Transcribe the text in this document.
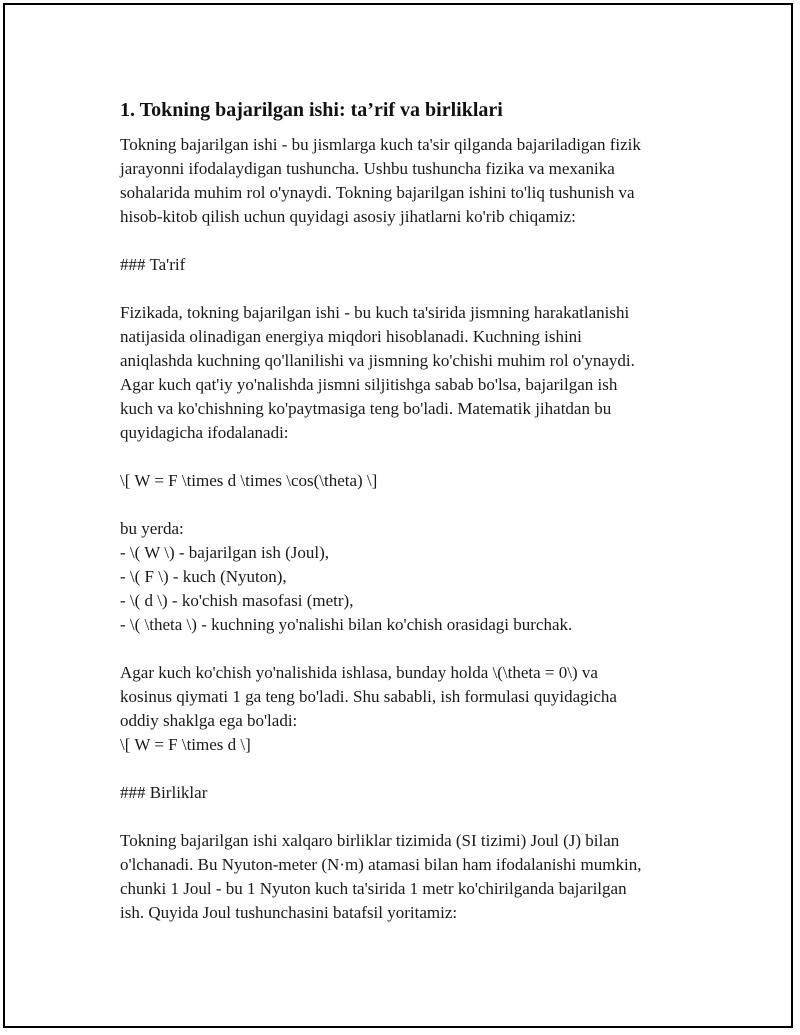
1. Tokning bajarilgan ishi: ta’rif va birliklari

Tokning bajarilgan ishi - bu jismlarga kuch ta'sir qilganda bajariladigan fizik
jarayonni ifodalaydigan tushuncha. Ushbu tushuncha fizika va mexanika
sohalarida muhim rol o'ynaydi. Tokning bajarilgan ishini to'liq tushunish va
hisob-kitob qilish uchun quyidagi asosiy jihatlarni ko'rib chiqamiz:

### Ta'rif

Fizikada, tokning bajarilgan ishi - bu kuch ta'sirida jismning harakatlanishi
natijasida olinadigan energiya miqdori hisoblanadi. Kuchning ishini
aniqlashda kuchning qo'llanilishi va jismning ko'chishi muhim rol o'ynaydi.
Agar kuch qat'iy yo'nalishda jismni siljitishga sabab bo'lsa, bajarilgan ish
kuch va ko'chishning ko'paytmasiga teng bo'ladi. Matematik jihatdan bu
quyidagicha ifodalanadi:

\[ W = F \times d \times \cos(\theta) \]

bu yerda:

- \( W \) - bajarilgan ish (Joul),

- \( F \) - kuch (Nyuton),

- \( d \) - ko'chish masofasi (metr),

- \( \theta \) - kuchning yo'nalishi bilan ko'chish orasidagi burchak.

Agar kuch ko'chish yo'nalishida ishlasa, bunday holda \(\theta = 0\) va
kosinus qiymati 1 ga teng bo'ladi. Shu sababli, ish formulasi quyidagicha
oddiy shaklga ega bo'ladi:
\[ W = F \times d \]

### Birliklar

Tokning bajarilgan ishi xalqaro birliklar tizimida (SI tizimi) Joul (J) bilan
o'lchanadi. Bu Nyuton-meter (N·m) atamasi bilan ham ifodalanishi mumkin,
chunki 1 Joul - bu 1 Nyuton kuch ta'sirida 1 metr ko'chirilganda bajarilgan
ish. Quyida Joul tushunchasini batafsil yoritamiz:
